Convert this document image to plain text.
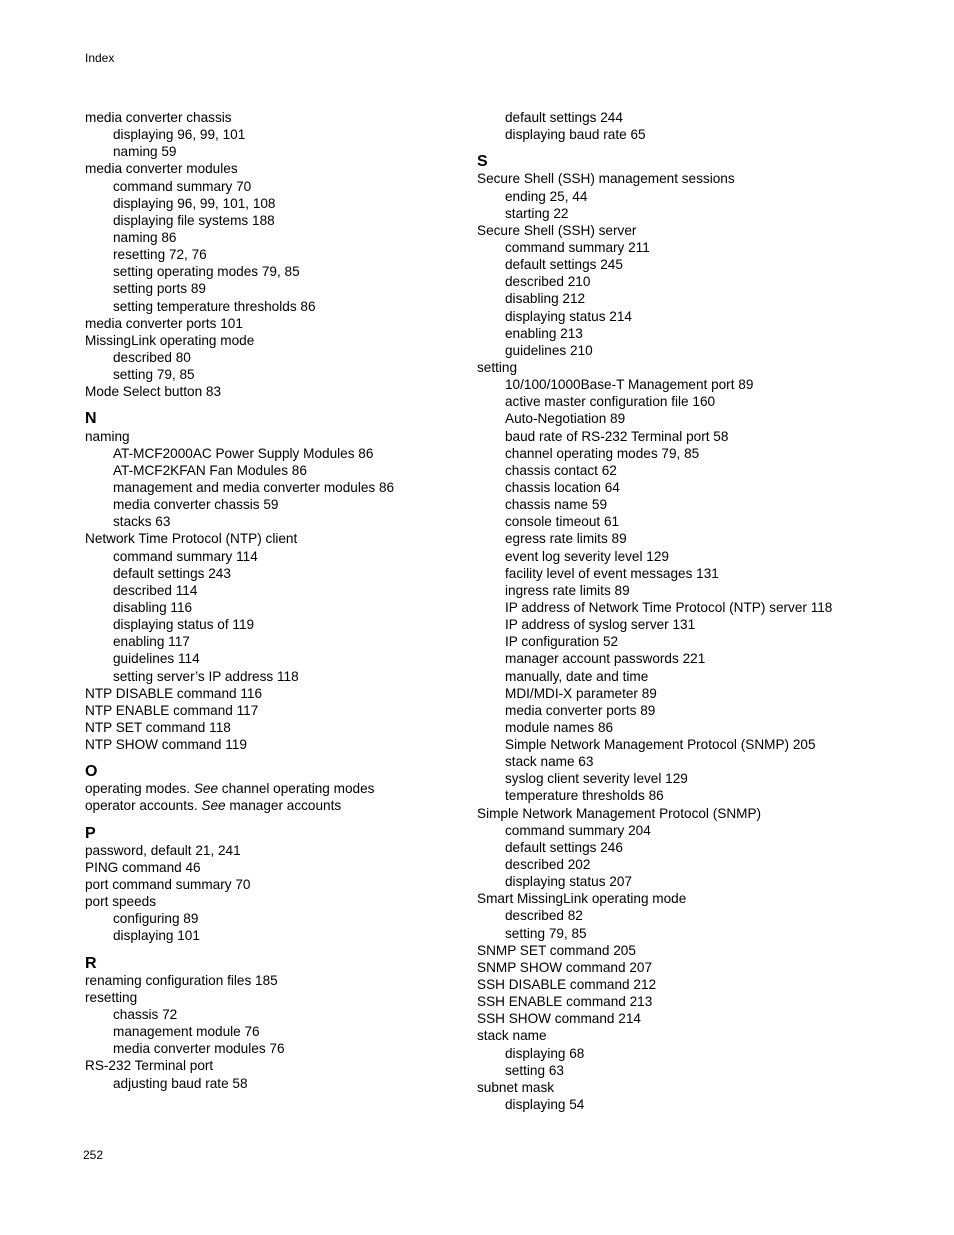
Index
media converter chassis
displaying 96, 99, 101
naming 59
media converter modules
command summary 70
displaying 96, 99, 101, 108
displaying file systems 188
naming 86
resetting 72, 76
setting operating modes 79, 85
setting ports 89
setting temperature thresholds 86
media converter ports 101
MissingLink operating mode
described 80
setting 79, 85
Mode Select button 83
N
naming
AT-MCF2000AC Power Supply Modules 86
AT-MCF2KFAN Fan Modules 86
management and media converter modules 86
media converter chassis 59
stacks 63
Network Time Protocol (NTP) client
command summary 114
default settings 243
described 114
disabling 116
displaying status of 119
enabling 117
guidelines 114
setting server’s IP address 118
NTP DISABLE command 116
NTP ENABLE command 117
NTP SET command 118
NTP SHOW command 119
O
operating modes. See channel operating modes
operator accounts. See manager accounts
P
password, default 21, 241
PING command 46
port command summary 70
port speeds
configuring 89
displaying 101
R
renaming configuration files 185
resetting
chassis 72
management module 76
media converter modules 76
RS-232 Terminal port
adjusting baud rate 58
default settings 244
displaying baud rate 65
S
Secure Shell (SSH) management sessions
ending 25, 44
starting 22
Secure Shell (SSH) server
command summary 211
default settings 245
described 210
disabling 212
displaying status 214
enabling 213
guidelines 210
setting
10/100/1000Base-T Management port 89
active master configuration file 160
Auto-Negotiation 89
baud rate of RS-232 Terminal port 58
channel operating modes 79, 85
chassis contact 62
chassis location 64
chassis name 59
console timeout 61
egress rate limits 89
event log severity level 129
facility level of event messages 131
ingress rate limits 89
IP address of Network Time Protocol (NTP) server 118
IP address of syslog server 131
IP configuration 52
manager account passwords 221
manually, date and time
MDI/MDI-X parameter 89
media converter ports 89
module names 86
Simple Network Management Protocol (SNMP) 205
stack name 63
syslog client severity level 129
temperature thresholds 86
Simple Network Management Protocol (SNMP)
command summary 204
default settings 246
described 202
displaying status 207
Smart MissingLink operating mode
described 82
setting 79, 85
SNMP SET command 205
SNMP SHOW command 207
SSH DISABLE command 212
SSH ENABLE command 213
SSH SHOW command 214
stack name
displaying 68
setting 63
subnet mask
displaying 54
252
